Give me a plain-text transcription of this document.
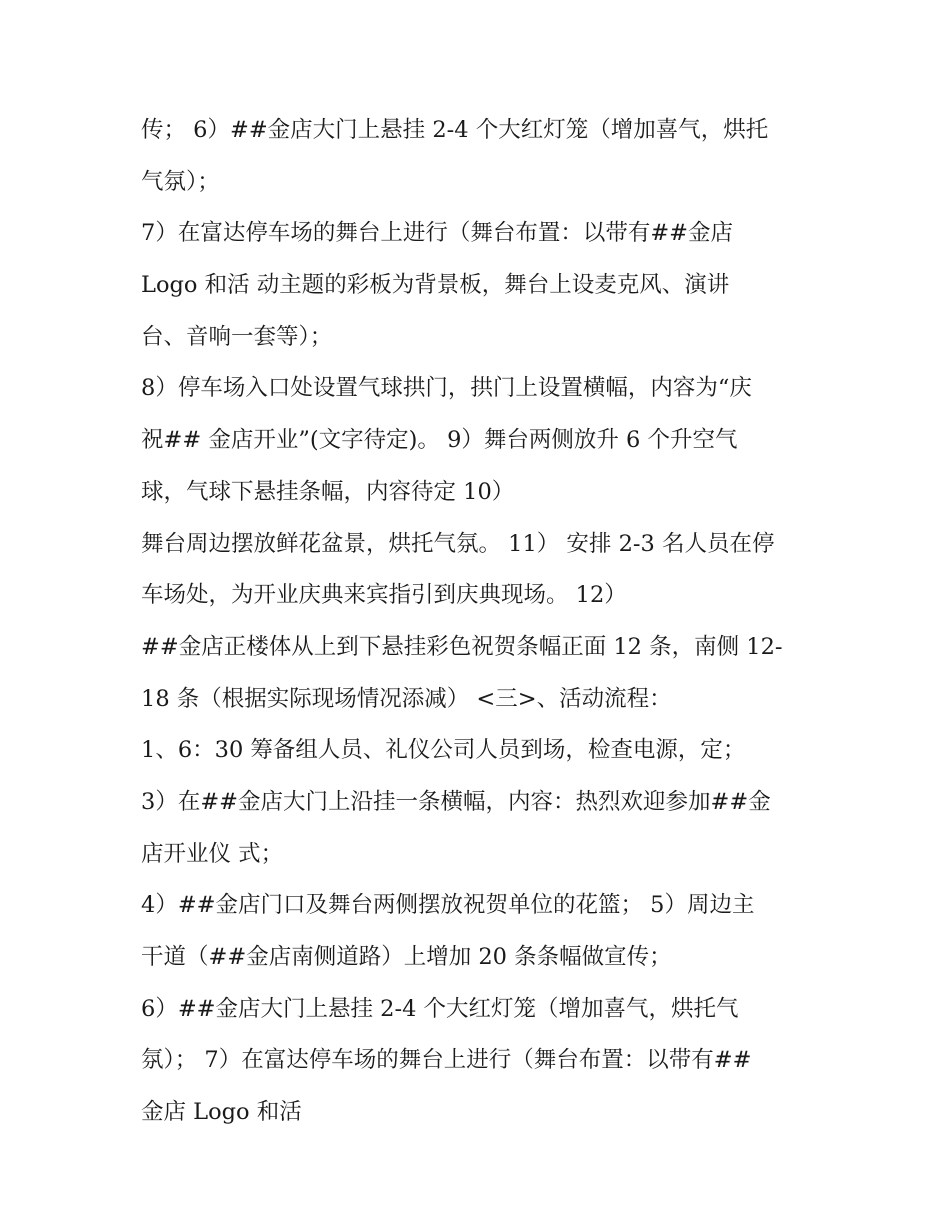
传； 6）##金店大门上悬挂 2-4 个大红灯笼（增加喜气，烘托
气氛）；
7）在富达停车场的舞台上进行（舞台布置：以带有##金店
Logo 和活 动主题的彩板为背景板，舞台上设麦克风、演讲
台、音响一套等）；
8）停车场入口处设置气球拱门，拱门上设置横幅，内容为“庆
祝## 金店开业”(文字待定)。 9）舞台两侧放升 6 个升空气
球，气球下悬挂条幅，内容待定 10）
舞台周边摆放鲜花盆景，烘托气氛。 11） 安排 2-3 名人员在停
车场处，为开业庆典来宾指引到庆典现场。 12）
##金店正楼体从上到下悬挂彩色祝贺条幅正面 12 条，南侧 12-
18 条（根据实际现场情况添减） <三>、活动流程：
1、6：30 筹备组人员、礼仪公司人员到场，检查电源，定；
3）在##金店大门上沿挂一条横幅，内容：热烈欢迎参加##金
店开业仪 式；
4）##金店门口及舞台两侧摆放祝贺单位的花篮； 5）周边主
干道（##金店南侧道路）上增加 20 条条幅做宣传；
6）##金店大门上悬挂 2-4 个大红灯笼（增加喜气，烘托气
氛）； 7）在富达停车场的舞台上进行（舞台布置：以带有##
金店 Logo 和活
